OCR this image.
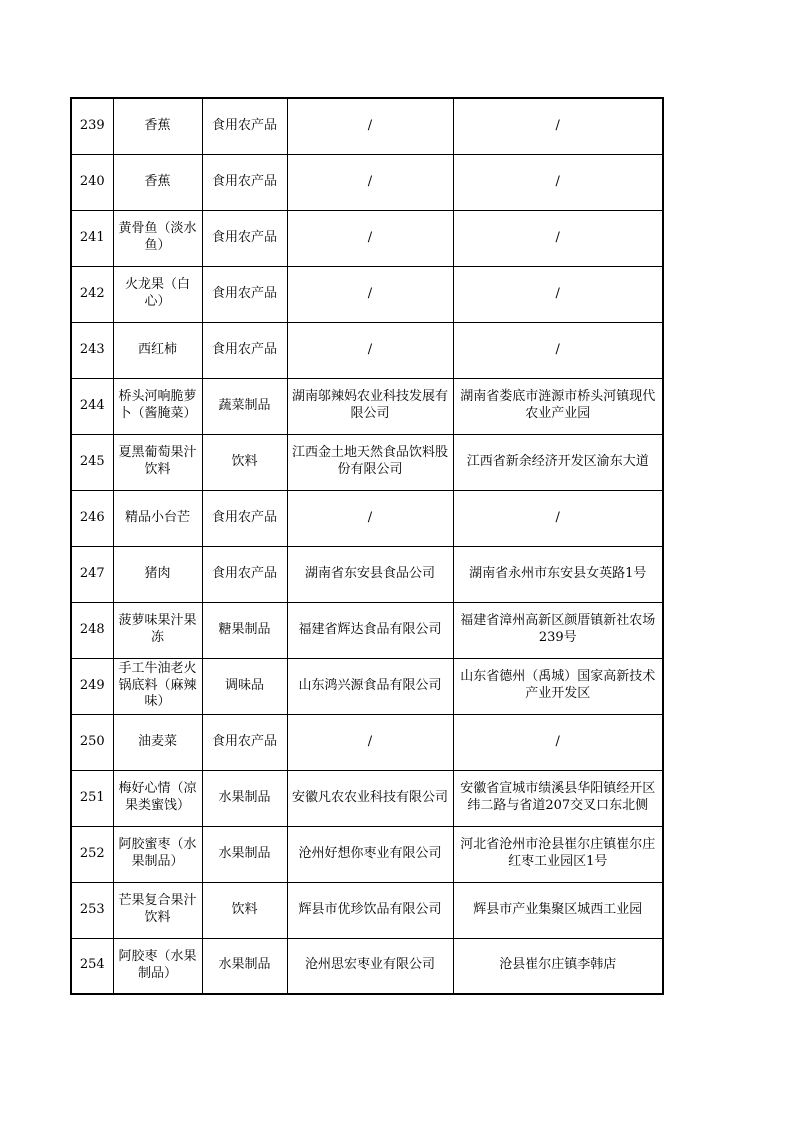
239	香蕉	食用农产品	/	/
240	香蕉	食用农产品	/	/
241	黄骨鱼（淡水鱼）	食用农产品	/	/
242	火龙果（白心）	食用农产品	/	/
243	西红柿	食用农产品	/	/
244	桥头河响脆萝卜（酱腌菜）	蔬菜制品	湖南邬辣妈农业科技发展有限公司	湖南省娄底市涟源市桥头河镇现代农业产业园
245	夏黑葡萄果汁饮料	饮料	江西金土地天然食品饮料股份有限公司	江西省新余经济开发区渝东大道
246	精品小台芒	食用农产品	/	/
247	猪肉	食用农产品	湖南省东安县食品公司	湖南省永州市东安县女英路1号
248	菠萝味果汁果冻	糖果制品	福建省辉达食品有限公司	福建省漳州高新区颜厝镇新社农场239号
249	手工牛油老火锅底料（麻辣味）	调味品	山东鸿兴源食品有限公司	山东省德州（禹城）国家高新技术产业开发区
250	油麦菜	食用农产品	/	/
251	梅好心情（凉果类蜜饯）	水果制品	安徽凡农农业科技有限公司	安徽省宣城市绩溪县华阳镇经开区纬二路与省道207交叉口东北侧
252	阿胶蜜枣（水果制品）	水果制品	沧州好想你枣业有限公司	河北省沧州市沧县崔尔庄镇崔尔庄红枣工业园区1号
253	芒果复合果汁饮料	饮料	辉县市优珍饮品有限公司	辉县市产业集聚区城西工业园
254	阿胶枣（水果制品）	水果制品	沧州思宏枣业有限公司	沧县崔尔庄镇李韩店
